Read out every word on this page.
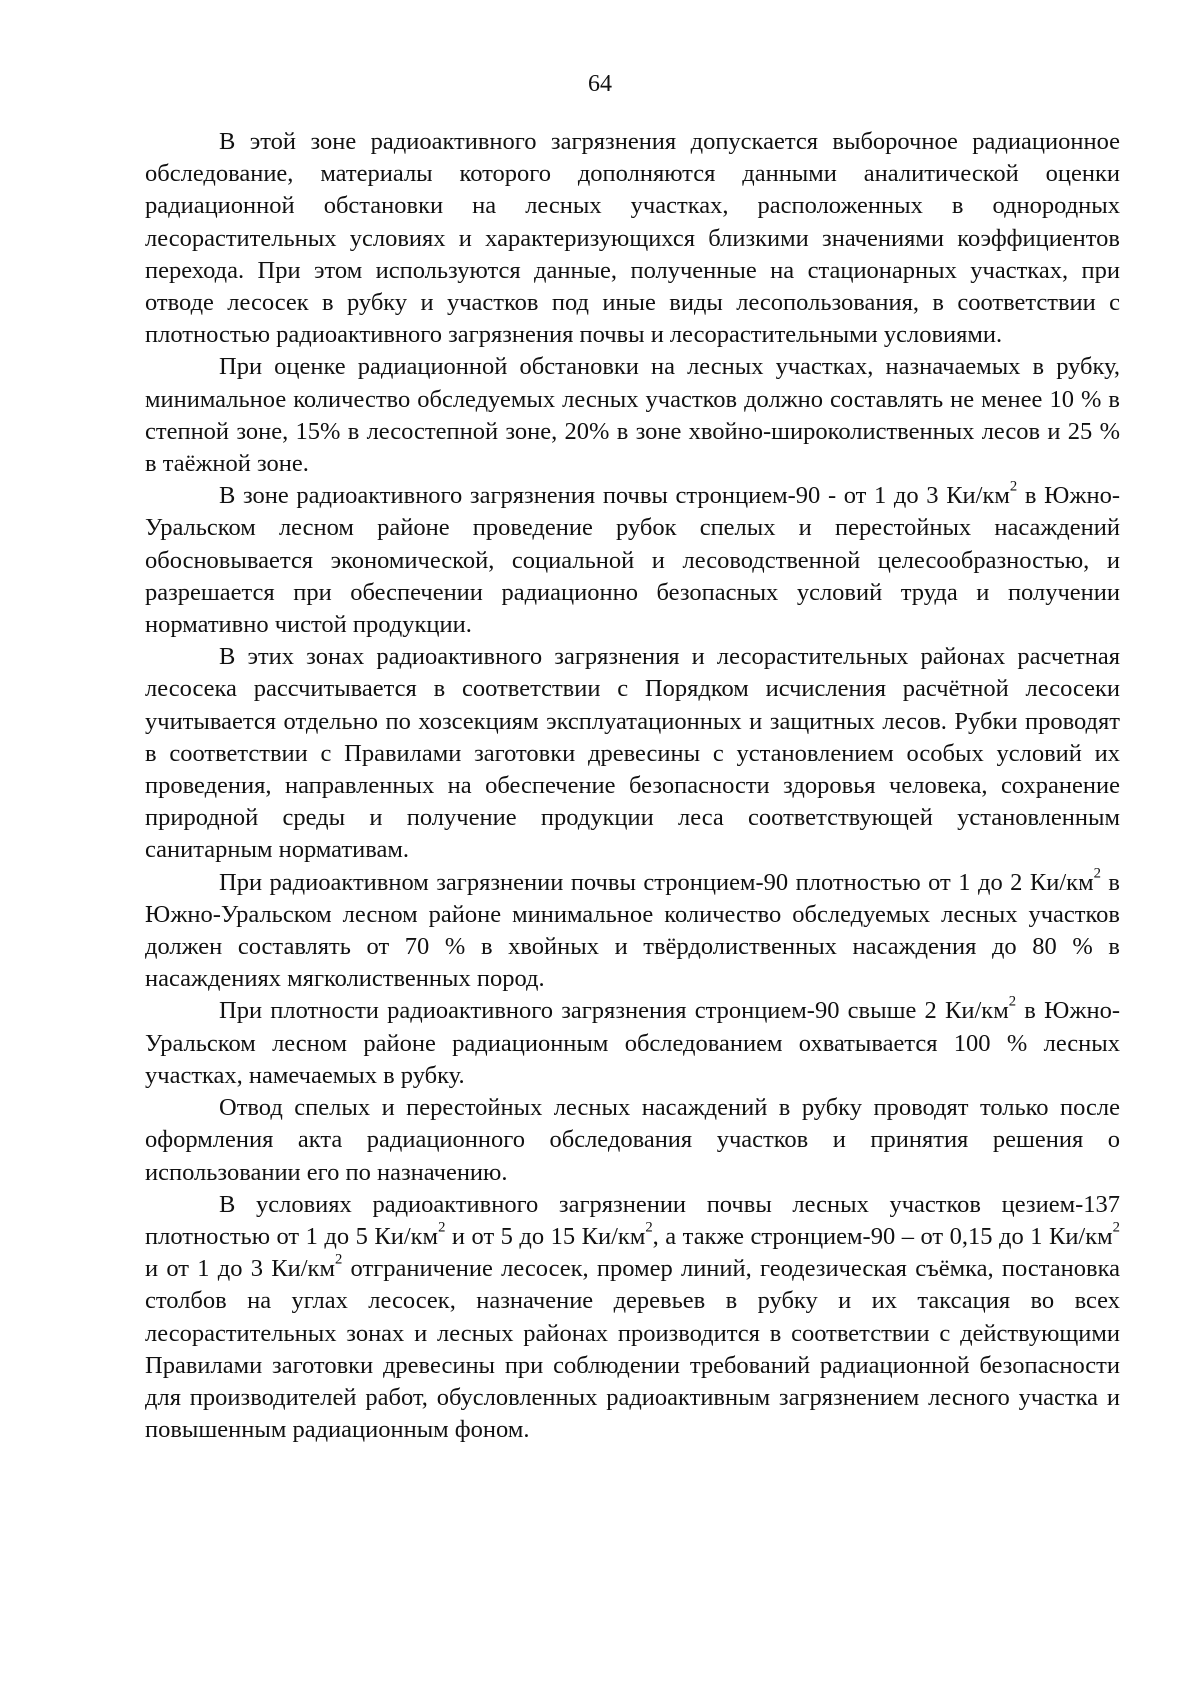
64

В этой зоне радиоактивного загрязнения допускается выборочное радиационное обследование, материалы которого дополняются данными аналитической оценки радиационной обстановки на лесных участках, расположенных в однородных лесорастительных условиях и характеризующихся близкими значениями коэффициентов перехода. При этом используются данные, полученные на стационарных участках, при отводе лесосек в рубку и участков под иные виды лесопользования, в соответствии с плотностью радиоактивного загрязнения почвы и лесорастительными условиями.

При оценке радиационной обстановки на лесных участках, назначаемых в рубку, минимальное количество обследуемых лесных участков должно составлять не менее 10 % в степной зоне, 15% в лесостепной зоне, 20% в зоне хвойно-широколиственных лесов и 25 % в таёжной зоне.

В зоне радиоактивного загрязнения почвы стронцием-90 - от 1 до 3 $Ки/км^2$ в Южно-Уральском лесном районе проведение рубок спелых и перестойных насаждений обосновывается экономической, социальной и лесоводственной целесообразностью, и разрешается при обеспечении радиационно безопасных условий труда и получении нормативно чистой продукции.

В этих зонах радиоактивного загрязнения и лесорастительных районах расчетная лесосека рассчитывается в соответствии с Порядком исчисления расчётной лесосеки учитывается отдельно по хозсекциям эксплуатационных и защитных лесов. Рубки проводят в соответствии с Правилами заготовки древесины с установлением особых условий их проведения, направленных на обеспечение безопасности здоровья человека, сохранение природной среды и получение продукции леса соответствующей установленным санитарным нормативам.

При радиоактивном загрязнении почвы стронцием-90 плотностью от 1 до 2 $Ки/км^2$ в Южно-Уральском лесном районе минимальное количество обследуемых лесных участков должен составлять от 70 % в хвойных и твёрдолиственных насаждения до 80 % в насаждениях мягколиственных пород.

При плотности радиоактивного загрязнения стронцием-90 свыше 2 $Ки/км^2$ в Южно-Уральском лесном районе радиационным обследованием охватывается 100 % лесных участках, намечаемых в рубку.

Отвод спелых и перестойных лесных насаждений в рубку проводят только после оформления акта радиационного обследования участков и принятия решения о использовании его по назначению.

В условиях радиоактивного загрязнении почвы лесных участков цезием-137 плотностью от 1 до 5 $Ки/км^2$ и от 5 до 15 $Ки/км^2$, а также стронцием-90 – от 0,15 до 1 $Ки/км^2$ и от 1 до 3 $Ки/км^2$ отграничение лесосек, промер линий, геодезическая съёмка, постановка столбов на углах лесосек, назначение деревьев в рубку и их таксация во всех лесорастительных зонах и лесных районах производится в соответствии с действующими Правилами заготовки древесины при соблюдении требований радиационной безопасности для производителей работ, обусловленных радиоактивным загрязнением лесного участка и повышенным радиационным фоном.
